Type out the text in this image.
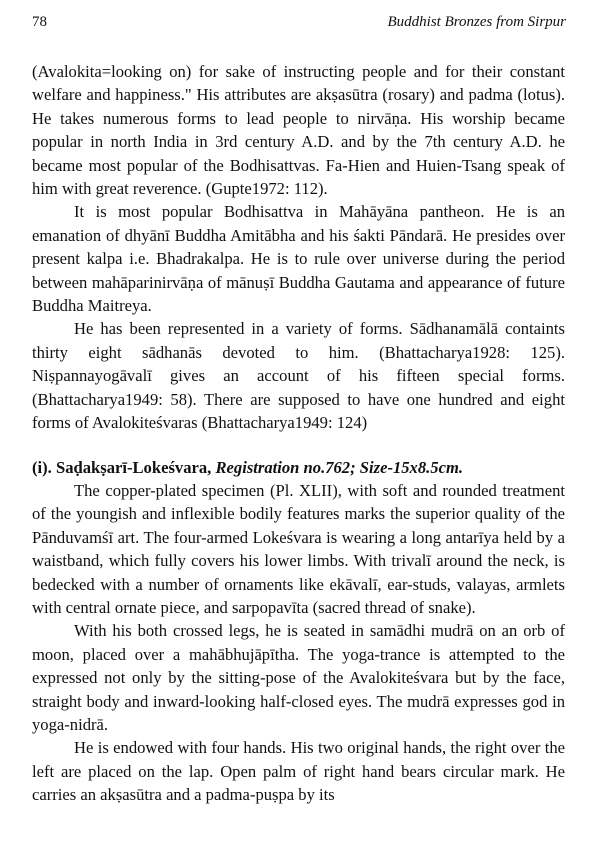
78	Buddhist Bronzes from Sirpur

(Avalokita=looking on) for sake of instructing people and for their constant welfare and happiness." His attributes are akṣasūtra (rosary) and padma (lotus). He takes numerous forms to lead people to nirvāṇa. His worship became popular in north India in 3rd century A.D. and by the 7th century A.D. he became most popular of the Bodhisattvas. Fa-Hien and Huien-Tsang speak of him with great reverence. (Gupte1972: 112).

It is most popular Bodhisattva in Mahāyāna pantheon. He is an emanation of dhyānī Buddha Amitābha and his śakti Pāndarā. He presides over present kalpa i.e. Bhadrakalpa. He is to rule over universe during the period between mahāparinirvāṇa of mānuṣī Buddha Gautama and appearance of future Buddha Maitreya.

He has been represented in a variety of forms. Sādhanamālā containts thirty eight sādhanās devoted to him. (Bhattacharya1928: 125). Niṣpannayogāvalī gives an account of his fifteen special forms. (Bhattacharya1949: 58). There are supposed to have one hundred and eight forms of Avalokiteśvaras (Bhattacharya1949: 124)

(i). Saḍakṣarī-Lokeśvara, Registration no.762; Size-15x8.5cm.

The copper-plated specimen (Pl. XLII), with soft and rounded treatment of the youngish and inflexible bodily features marks the superior quality of the Pānduvamśī art. The four-armed Lokeśvara is wearing a long antarīya held by a waistband, which fully covers his lower limbs. With trivalī around the neck, is bedecked with a number of ornaments like ekāvalī, ear-studs, valayas, armlets with central ornate piece, and sarpopavīta (sacred thread of snake).

With his both crossed legs, he is seated in samādhi mudrā on an orb of moon, placed over a mahābhujāpītha. The yoga-trance is attempted to the expressed not only by the sitting-pose of the Avalokiteśvara but by the face, straight body and inward-looking half-closed eyes. The mudrā expresses god in yoga-nidrā.

He is endowed with four hands. His two original hands, the right over the left are placed on the lap. Open palm of right hand bears circular mark. He carries an akṣasūtra and a padma-puṣpa by its
